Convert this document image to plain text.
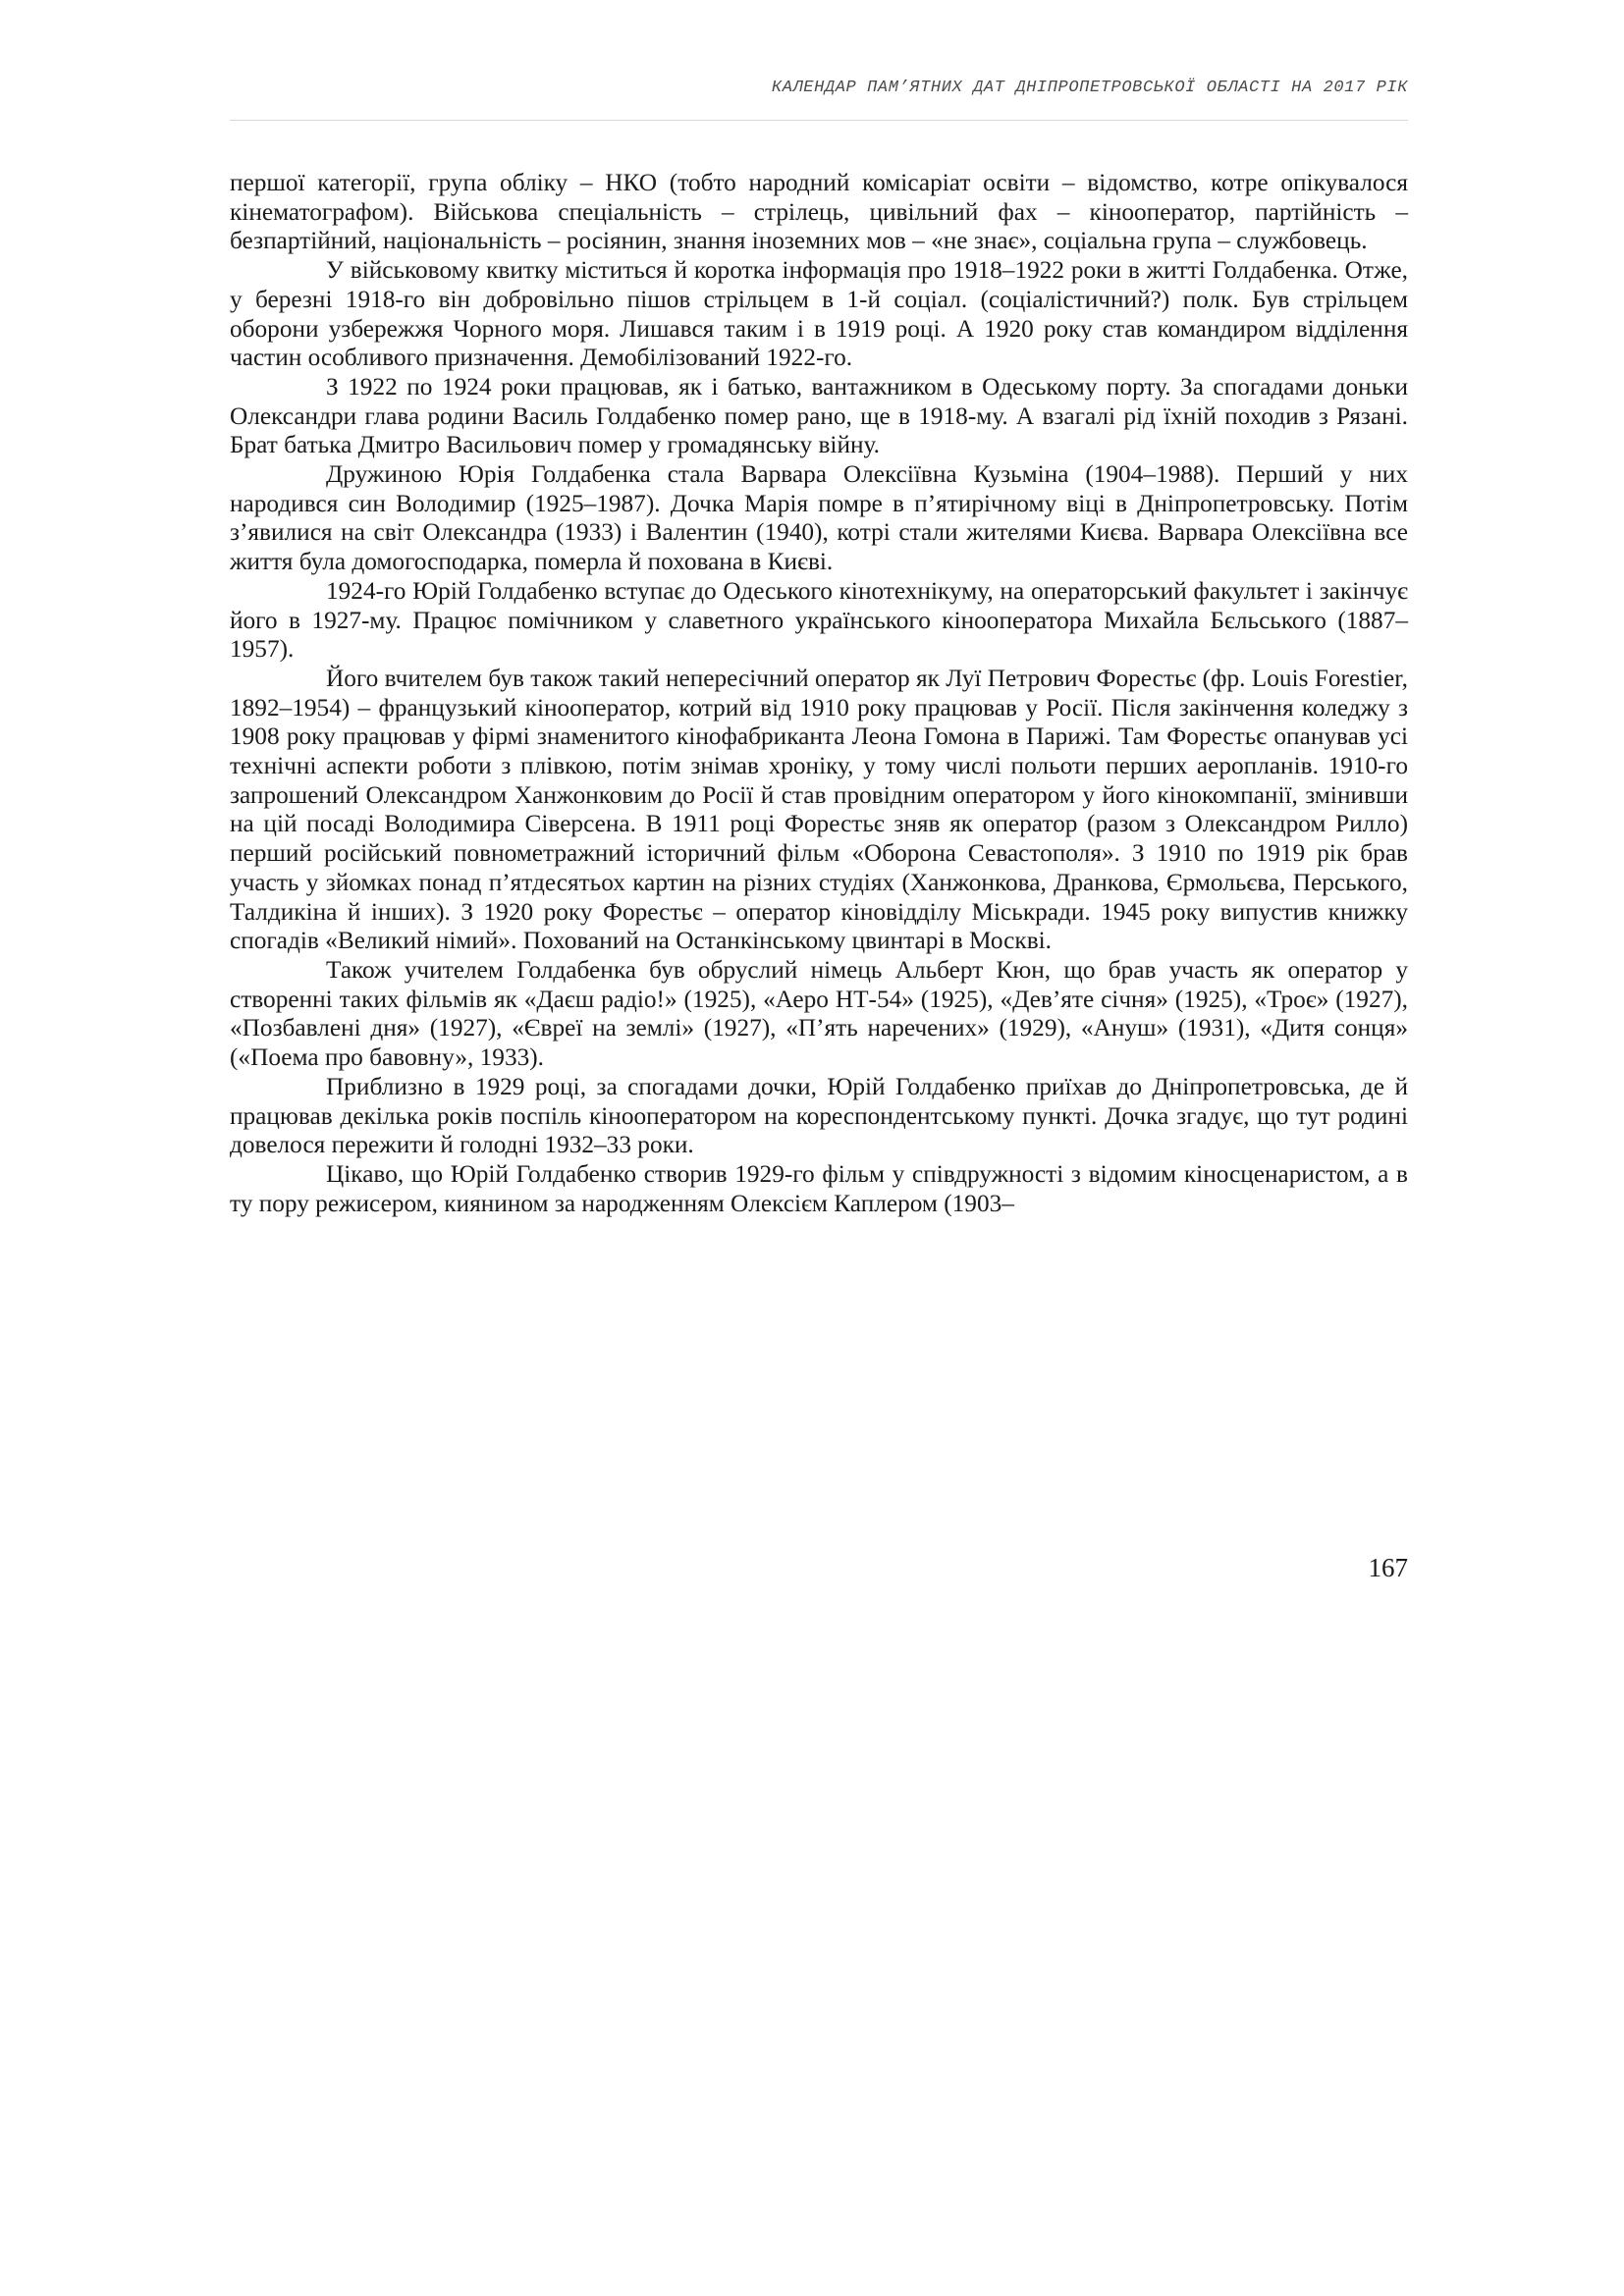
КАЛЕНДАР ПАМ’ЯТНИХ ДАТ ДНІПРОПЕТРОВСЬКОЇ ОБЛАСТІ НА 2017 РІК

першої категорії, група обліку – НКО (тобто народний комісаріат освіти – відомство, котре опікувалося кінематографом). Військова спеціальність – стрілець, цивільний фах – кінооператор, партійність – безпартійний, національність – росіянин, знання іноземних мов – «не знає», соціальна група – службовець.

У військовому квитку міститься й коротка інформація про 1918–1922 роки в житті Голдабенка. Отже, у березні 1918-го він добровільно пішов стрільцем в 1-й соціал. (соціалістичний?) полк. Був стрільцем оборони узбережжя Чорного моря. Лишався таким і в 1919 році. А 1920 року став командиром відділення частин особливого призначення. Демобілізований 1922-го.

З 1922 по 1924 роки працював, як і батько, вантажником в Одеському порту. За спогадами доньки Олександри глава родини Василь Голдабенко помер рано, ще в 1918-му. А взагалі рід їхній походив з Рязані. Брат батька Дмитро Васильович помер у громадянську війну.

Дружиною Юрія Голдабенка стала Варвара Олексіївна Кузьміна (1904–1988). Перший у них народився син Володимир (1925–1987). Дочка Марія помре в п’ятирічному віці в Дніпропетровську. Потім з’явилися на світ Олександра (1933) і Валентин (1940), котрі стали жителями Києва. Варвара Олексіївна все життя була домогосподарка, померла й похована в Києві.

1924-го Юрій Голдабенко вступає до Одеського кінотехнікуму, на операторський факультет і закінчує його в 1927-му. Працює помічником у славетного українського кінооператора Михайла Бєльського (1887–1957).

Його вчителем був також такий непересічний оператор як Луї Петрович Форестьє (фр. Louis Forestier, 1892–1954) – французький кінооператор, котрий від 1910 року працював у Росії. Після закінчення коледжу з 1908 року працював у фірмі знаменитого кінофабриканта Леона Гомона в Парижі. Там Форестьє опанував усі технічні аспекти роботи з плівкою, потім знімав хроніку, у тому числі польоти перших аеропланів. 1910-го запрошений Олександром Ханжонковим до Росії й став провідним оператором у його кінокомпанії, змінивши на цій посаді Володимира Сіверсена. В 1911 році Форестьє зняв як оператор (разом з Олександром Рилло) перший російський повнометражний історичний фільм «Оборона Севастополя». З 1910 по 1919 рік брав участь у зйомках понад п’ятдесятьох картин на різних студіях (Ханжонкова, Дранкова, Єрмольєва, Перського, Талдикіна й інших). З 1920 року Форестьє – оператор кіновідділу Міськради. 1945 року випустив книжку спогадів «Великий німий». Похований на Останкінському цвинтарі в Москві.

Також учителем Голдабенка був обруслий німець Альберт Кюн, що брав участь як оператор у створенні таких фільмів як «Даєш радіо!» (1925), «Аеро НТ-54» (1925), «Дев’яте січня» (1925), «Троє» (1927), «Позбавлені дня» (1927), «Євреї на землі» (1927), «П’ять наречених» (1929), «Ануш» (1931), «Дитя сонця» («Поема про бавовну», 1933).

Приблизно в 1929 році, за спогадами дочки, Юрій Голдабенко приїхав до Дніпропетровська, де й працював декілька років поспіль кінооператором на кореспондентському пункті. Дочка згадує, що тут родині довелося пережити й голодні 1932–33 роки.

Цікаво, що Юрій Голдабенко створив 1929-го фільм у співдружності з відомим кіносценаристом, а в ту пору режисером, киянином за народженням Олексієм Каплером (1903–

167
